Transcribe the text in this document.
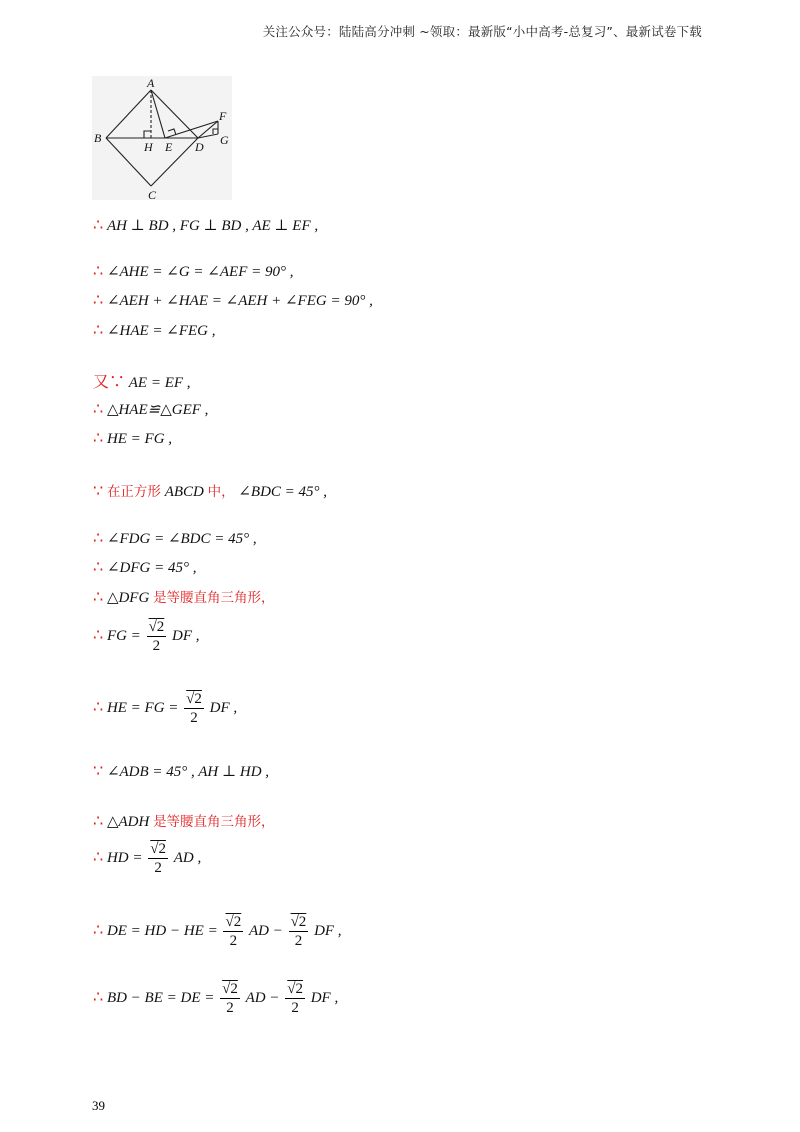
关注公众号：陆陆高分冲刺 ~领取：最新版“小中高考-总复习”、最新试卷下载
A
B
C
D
E
F
G
H
∴ AH ⊥ BD , FG ⊥ BD , AE ⊥ EF ,
∴ ∠AHE = ∠G = ∠AEF = 90° ,
∴ ∠AEH + ∠HAE = ∠AEH + ∠FEG = 90° ,
∴ ∠HAE = ∠FEG ,
又∵ AE = EF ,
∴ △HAE≌△GEF ,
∴ HE = FG ,
∵ 在正方形 ABCD 中， ∠BDC = 45° ,
∴ ∠FDG = ∠BDC = 45° ,
∴ ∠DFG = 45° ,
∴ △DFG 是等腰直角三角形，
∴ FG = $\frac{√2}{2}$ DF ,
∴ HE = FG = $\frac{√2}{2}$ DF ,
∵ ∠ADB = 45° , AH ⊥ HD ,
∴ △ADH 是等腰直角三角形，
∴ HD = $\frac{√2}{2}$ AD ,
∴ DE = HD − HE = $\frac{√2}{2}$ AD − $\frac{√2}{2}$ DF ,
∴ BD − BE = DE = $\frac{√2}{2}$ AD − $\frac{√2}{2}$ DF ,
39
